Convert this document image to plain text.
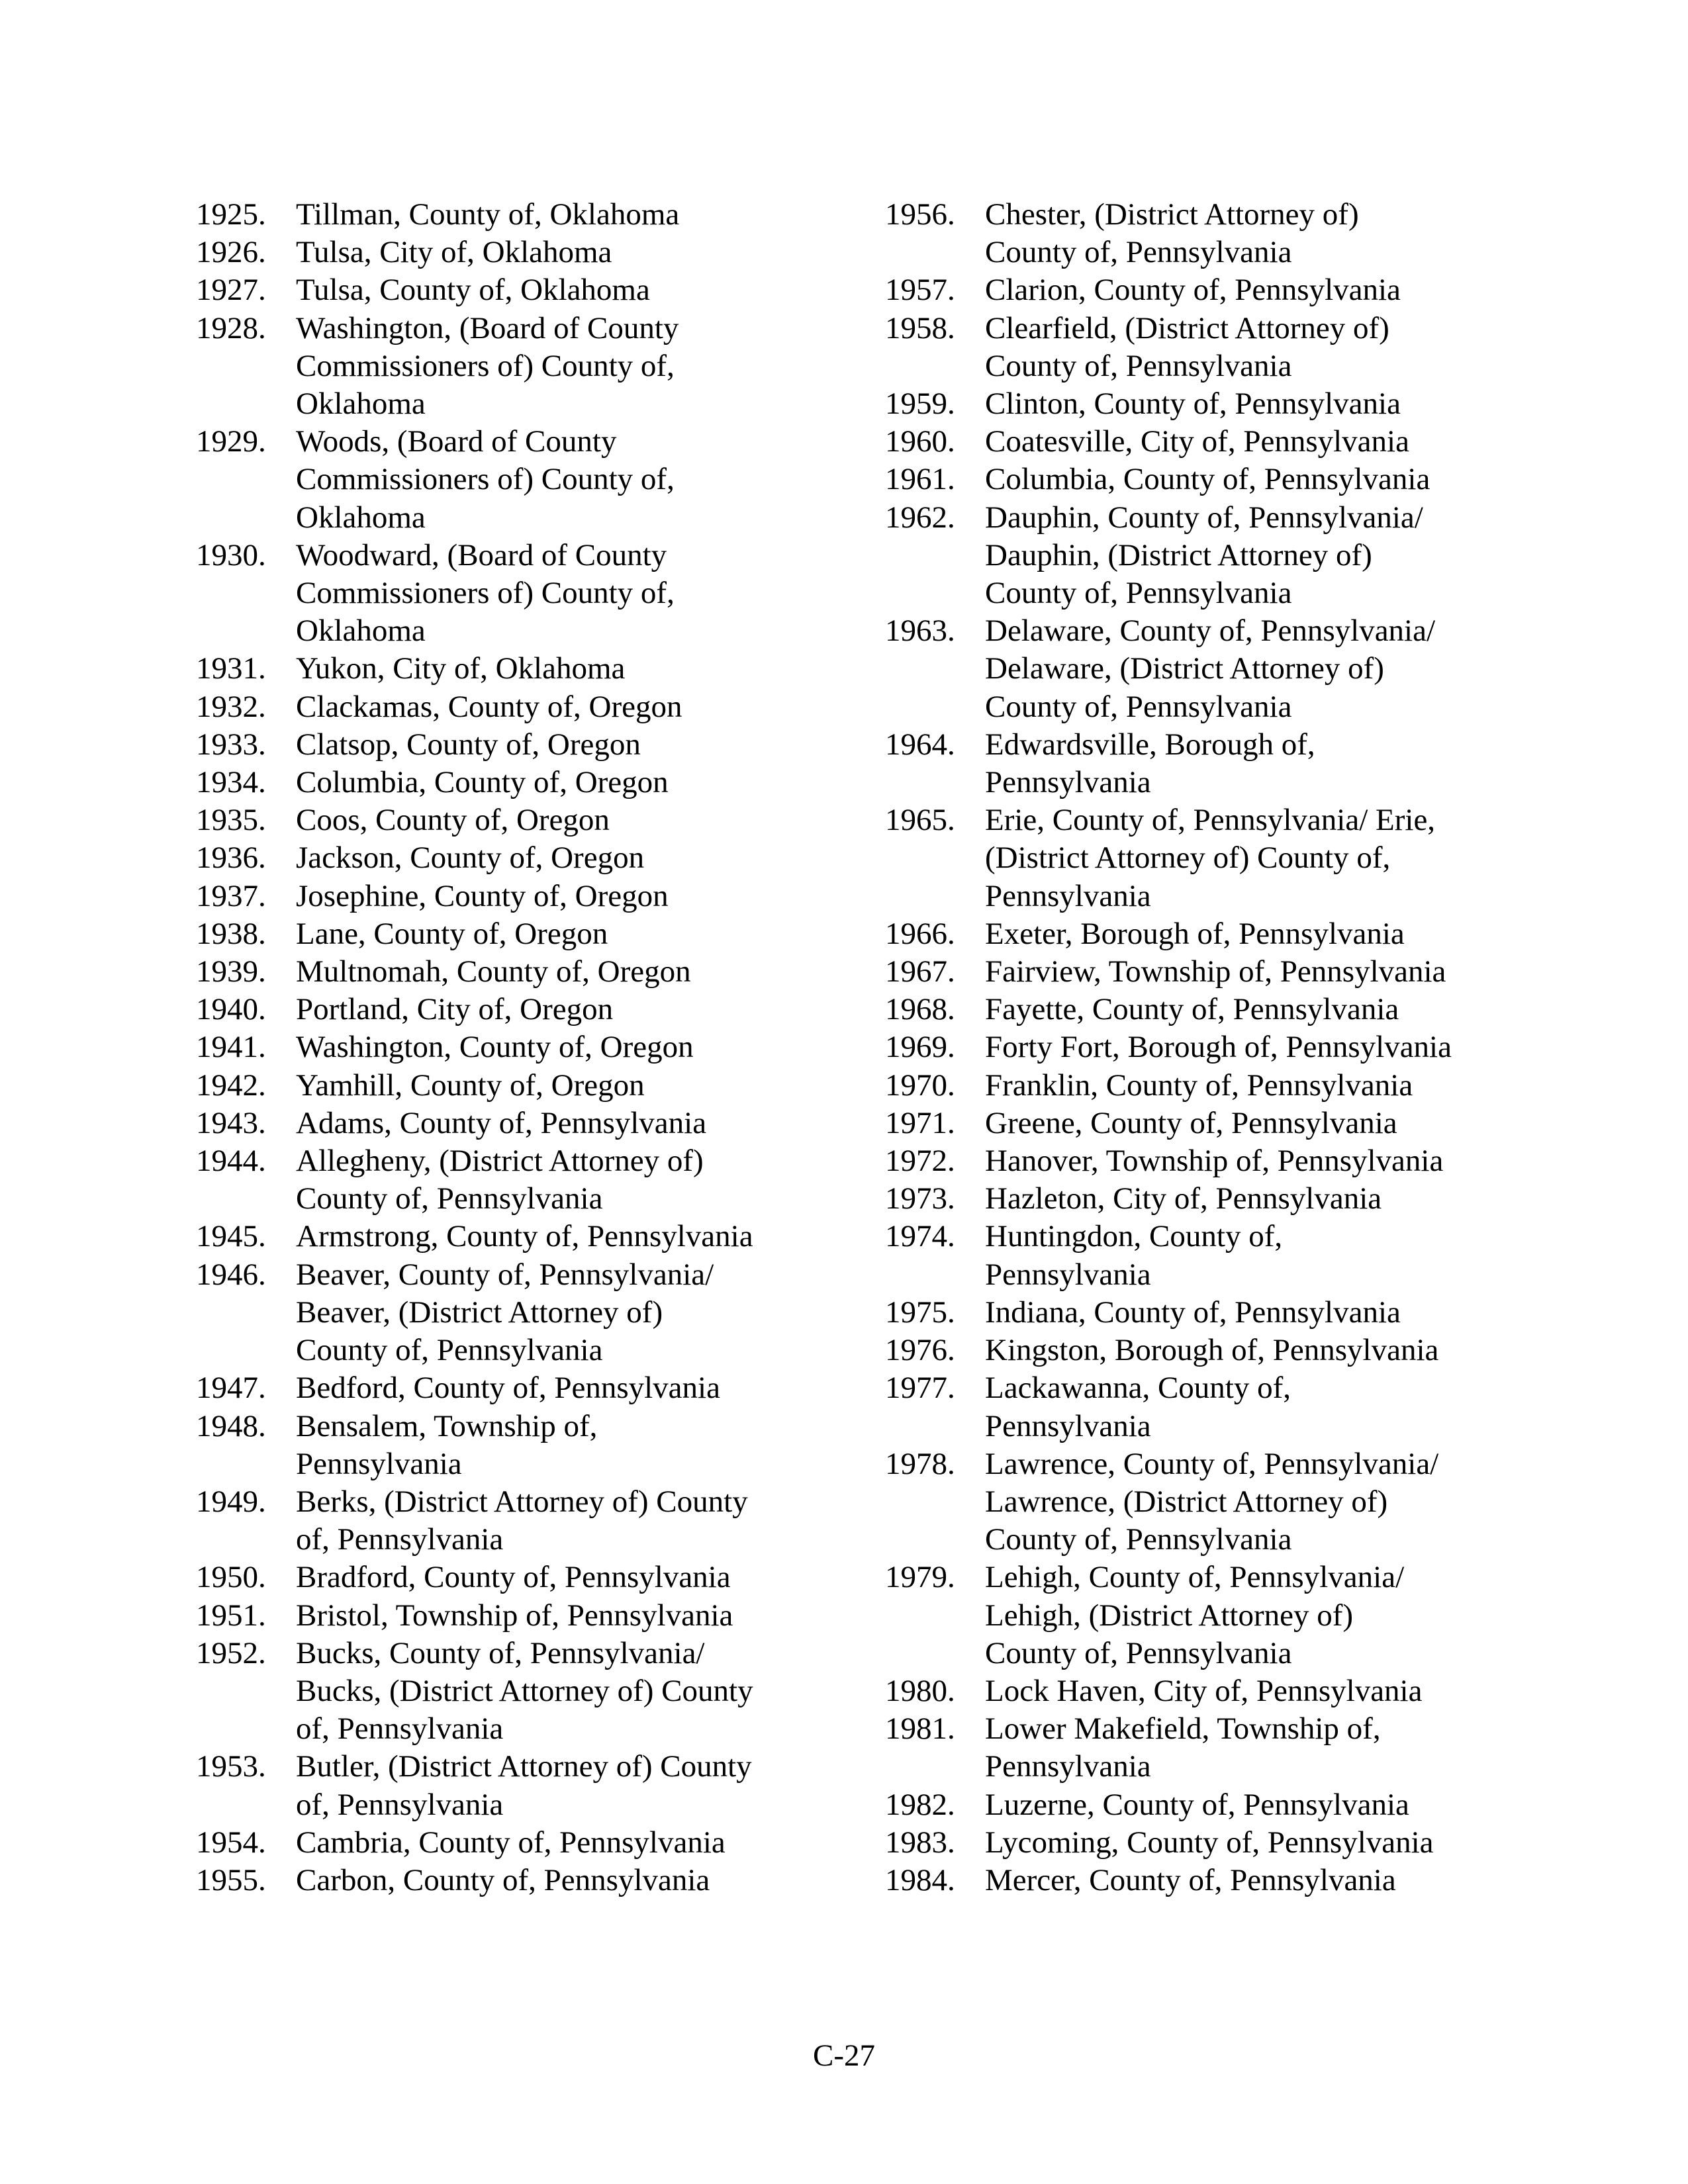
1925. Tillman, County of, Oklahoma
1926. Tulsa, City of, Oklahoma
1927. Tulsa, County of, Oklahoma
1928. Washington, (Board of County
Commissioners of) County of,
Oklahoma
1929. Woods, (Board of County
Commissioners of) County of,
Oklahoma
1930. Woodward, (Board of County
Commissioners of) County of,
Oklahoma
1931. Yukon, City of, Oklahoma
1932. Clackamas, County of, Oregon
1933. Clatsop, County of, Oregon
1934. Columbia, County of, Oregon
1935. Coos, County of, Oregon
1936. Jackson, County of, Oregon
1937. Josephine, County of, Oregon
1938. Lane, County of, Oregon
1939. Multnomah, County of, Oregon
1940. Portland, City of, Oregon
1941. Washington, County of, Oregon
1942. Yamhill, County of, Oregon
1943. Adams, County of, Pennsylvania
1944. Allegheny, (District Attorney of)
County of, Pennsylvania
1945. Armstrong, County of, Pennsylvania
1946. Beaver, County of, Pennsylvania/
Beaver, (District Attorney of)
County of, Pennsylvania
1947. Bedford, County of, Pennsylvania
1948. Bensalem, Township of,
Pennsylvania
1949. Berks, (District Attorney of) County
of, Pennsylvania
1950. Bradford, County of, Pennsylvania
1951. Bristol, Township of, Pennsylvania
1952. Bucks, County of, Pennsylvania/
Bucks, (District Attorney of) County
of, Pennsylvania
1953. Butler, (District Attorney of) County
of, Pennsylvania
1954. Cambria, County of, Pennsylvania
1955. Carbon, County of, Pennsylvania
1956. Chester, (District Attorney of)
County of, Pennsylvania
1957. Clarion, County of, Pennsylvania
1958. Clearfield, (District Attorney of)
County of, Pennsylvania
1959. Clinton, County of, Pennsylvania
1960. Coatesville, City of, Pennsylvania
1961. Columbia, County of, Pennsylvania
1962. Dauphin, County of, Pennsylvania/
Dauphin, (District Attorney of)
County of, Pennsylvania
1963. Delaware, County of, Pennsylvania/
Delaware, (District Attorney of)
County of, Pennsylvania
1964. Edwardsville, Borough of,
Pennsylvania
1965. Erie, County of, Pennsylvania/ Erie,
(District Attorney of) County of,
Pennsylvania
1966. Exeter, Borough of, Pennsylvania
1967. Fairview, Township of, Pennsylvania
1968. Fayette, County of, Pennsylvania
1969. Forty Fort, Borough of, Pennsylvania
1970. Franklin, County of, Pennsylvania
1971. Greene, County of, Pennsylvania
1972. Hanover, Township of, Pennsylvania
1973. Hazleton, City of, Pennsylvania
1974. Huntingdon, County of,
Pennsylvania
1975. Indiana, County of, Pennsylvania
1976. Kingston, Borough of, Pennsylvania
1977. Lackawanna, County of,
Pennsylvania
1978. Lawrence, County of, Pennsylvania/
Lawrence, (District Attorney of)
County of, Pennsylvania
1979. Lehigh, County of, Pennsylvania/
Lehigh, (District Attorney of)
County of, Pennsylvania
1980. Lock Haven, City of, Pennsylvania
1981. Lower Makefield, Township of,
Pennsylvania
1982. Luzerne, County of, Pennsylvania
1983. Lycoming, County of, Pennsylvania
1984. Mercer, County of, Pennsylvania
C-27
